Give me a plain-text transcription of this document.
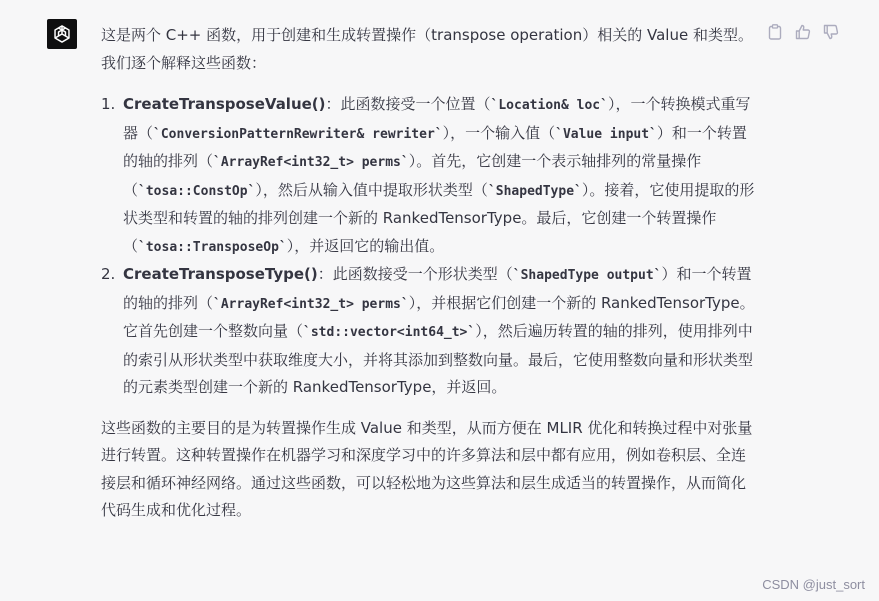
这是两个 C++ 函数，用于创建和生成转置操作（transpose operation）相关的 Value 和类型。我们逐个解释这些函数：

1. CreateTransposeValue()：此函数接受一个位置（`Location& loc`），一个转换模式重写器（`ConversionPatternRewriter& rewriter`），一个输入值（`Value input`）和一个转置的轴的排列（`ArrayRef<int32_t> perms`）。首先，它创建一个表示轴排列的常量操作（`tosa::ConstOp`），然后从输入值中提取形状类型（`ShapedType`）。接着，它使用提取的形状类型和转置的轴的排列创建一个新的 RankedTensorType。最后，它创建一个转置操作（`tosa::TransposeOp`），并返回它的输出值。
2. CreateTransposeType()：此函数接受一个形状类型（`ShapedType output`）和一个转置的轴的排列（`ArrayRef<int32_t> perms`），并根据它们创建一个新的 RankedTensorType。它首先创建一个整数向量（`std::vector<int64_t>`），然后遍历转置的轴的排列，使用排列中的索引从形状类型中获取维度大小，并将其添加到整数向量。最后，它使用整数向量和形状类型的元素类型创建一个新的 RankedTensorType，并返回。

这些函数的主要目的是为转置操作生成 Value 和类型，从而方便在 MLIR 优化和转换过程中对张量进行转置。这种转置操作在机器学习和深度学习中的许多算法和层中都有应用，例如卷积层、全连接层和循环神经网络。通过这些函数，可以轻松地为这些算法和层生成适当的转置操作，从而简化代码生成和优化过程。

CSDN @just_sort
